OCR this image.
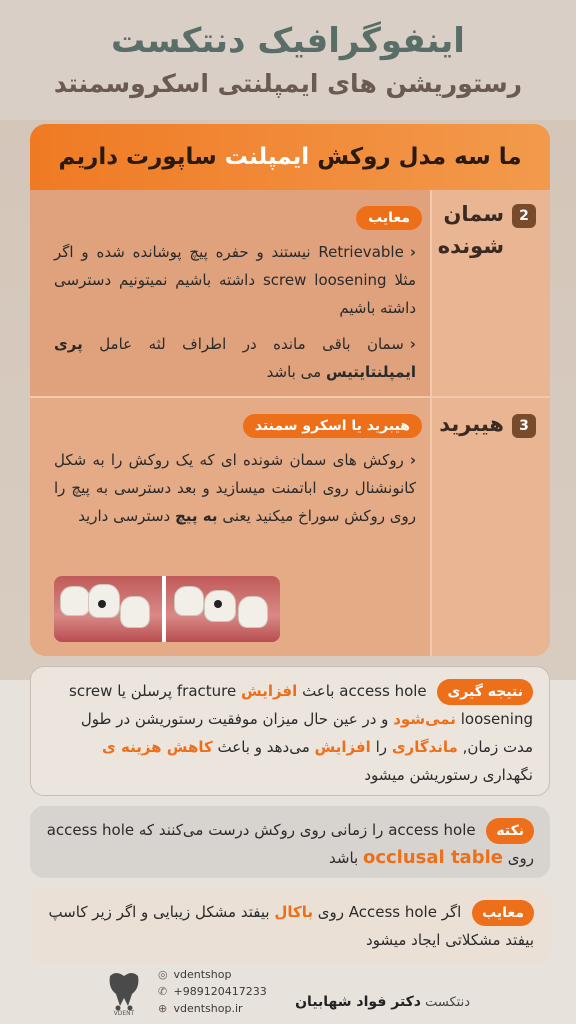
اینفوگرافیک دنتکست
رستوریشن های ایمپلنتی اسکروسمنتد
ما سه مدل روکش

ایمپلنت

ساپورت داریم
2
سمان
شونده
معایب
‹Retrievable نیستند و حفره پیچ پوشانده شده و اگر مثلا screw loosening داشته باشیم نمیتونیم دسترسی داشته باشیم
‹سمان باقی مانده در اطراف لثه عامل پری ایمپلنتایتیس می باشد
3
هیبرید
هیبرید یا اسکرو سمنتد
‹روکش های سمان شونده ای که یک روکش را به شکل کانونشنال روی اباتمنت میسازید و بعد دسترسی به پیچ را روی روکش سوراخ میکنید یعنی به پیچ دسترسی دارید
نتیجه گیری access hole باعث افزایش fracture پرسلن یا screw loosening نمی‌شود و در عین حال میزان موفقیت رستوریشن در طول مدت زمان, ماندگاری را افزایش می‌دهد و باعث کاهش هزینه ی نگهداری رستوریشن میشود
نکته access hole را زمانی روی روکش درست می‌کنند که access hole روی occlusal table باشد
معایب اگر Access hole روی باکال بیفتد مشکل زیبایی و اگر زیر کاسپ بیفتد مشکلاتی ایجاد میشود
VDENT
◎ vdentshop
✆ +989120417233
⊕ vdentshop.ir	دنتکست دکتر فواد شهابیان
